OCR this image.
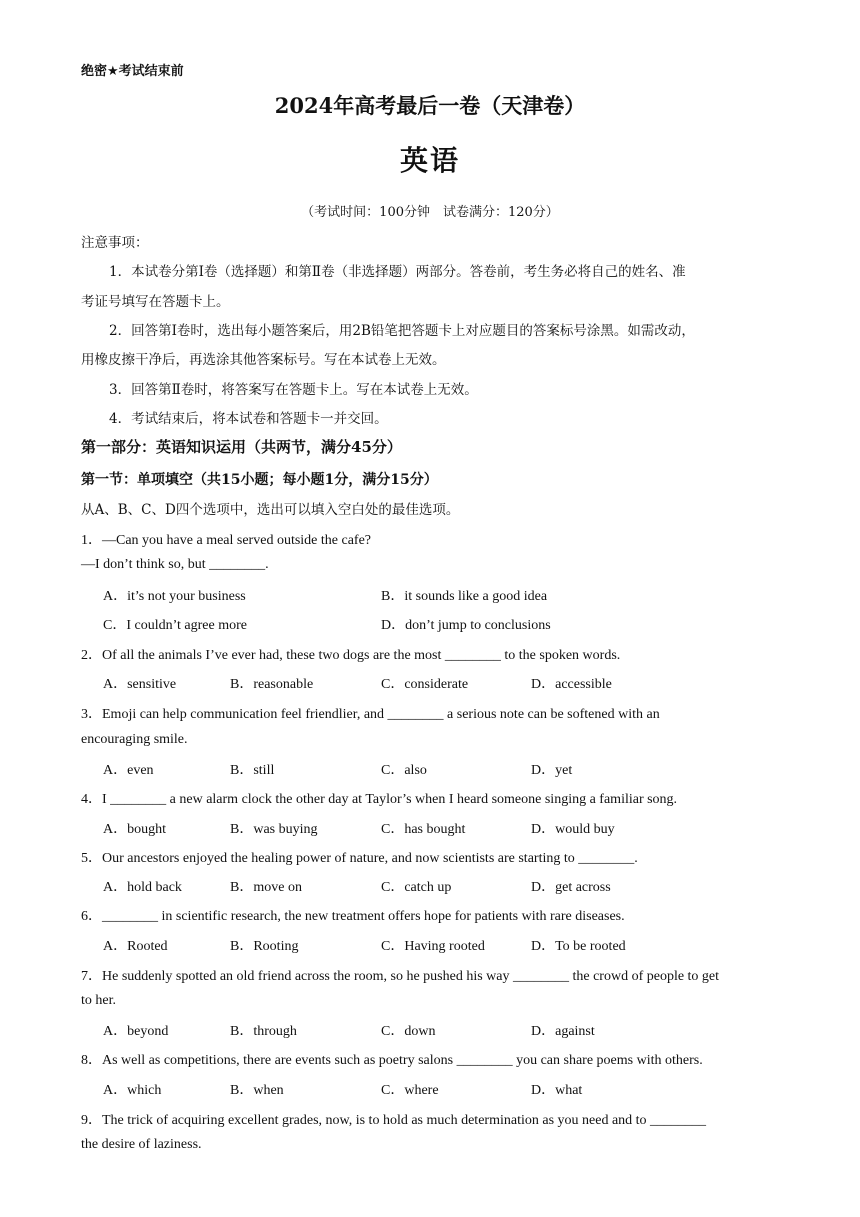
绝密★考试结束前
2024年高考最后一卷（天津卷）
英语
（考试时间：100分钟　试卷满分：120分）
注意事项：
1．本试卷分第Ⅰ卷（选择题）和第Ⅱ卷（非选择题）两部分。答卷前，考生务必将自己的姓名、准
考证号填写在答题卡上。
2．回答第Ⅰ卷时，选出每小题答案后，用2B铅笔把答题卡上对应题目的答案标号涂黑。如需改动，
用橡皮擦干净后，再选涂其他答案标号。写在本试卷上无效。
3．回答第Ⅱ卷时，将答案写在答题卡上。写在本试卷上无效。
4．考试结束后，将本试卷和答题卡一并交回。
第一部分：英语知识运用（共两节，满分45分）
第一节：单项填空（共15小题；每小题1分，满分15分）
从A、B、C、D四个选项中，选出可以填入空白处的最佳选项。
1．—Can you have a meal served outside the cafe?
—I don’t think so, but ________.
A．it’s not your business	B．it sounds like a good idea
C．I couldn’t agree more	D．don’t jump to conclusions
2．Of all the animals I’ve ever had, these two dogs are the most ________ to the spoken words.
A．sensitive	B．reasonable	C．considerate	D．accessible
3．Emoji can help communication feel friendlier, and ________ a serious note can be softened with an
encouraging smile.
A．even	B．still	C．also	D．yet
4．I ________ a new alarm clock the other day at Taylor’s when I heard someone singing a familiar song.
A．bought	B．was buying	C．has bought	D．would buy
5．Our ancestors enjoyed the healing power of nature, and now scientists are starting to ________.
A．hold back	B．move on	C．catch up	D．get across
6．________ in scientific research, the new treatment offers hope for patients with rare diseases.
A．Rooted	B．Rooting	C．Having rooted	D．To be rooted
7．He suddenly spotted an old friend across the room, so he pushed his way ________ the crowd of people to get
to her.
A．beyond	B．through	C．down	D．against
8．As well as competitions, there are events such as poetry salons ________ you can share poems with others.
A．which	B．when	C．where	D．what
9．The trick of acquiring excellent grades, now, is to hold as much determination as you need and to ________
the desire of laziness.
